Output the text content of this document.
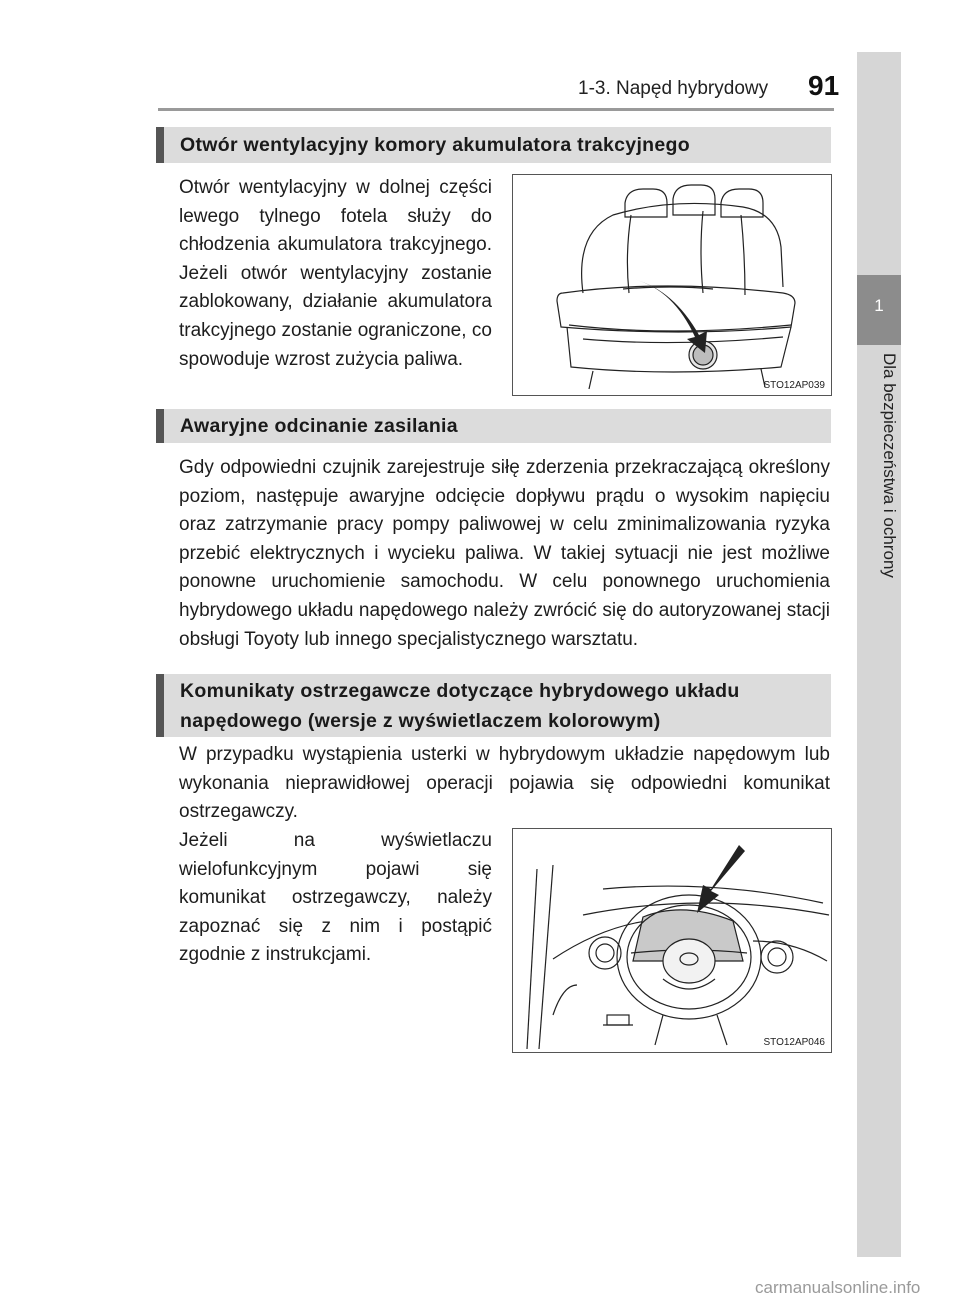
1-3. Napęd hybrydowy 91
1
Dla bezpieczeństwa i ochrony
Otwór wentylacyjny komory akumulatora trakcyjnego

Otwór wentylacyjny w dolnej części lewego tylnego fotela służy do chłodzenia akumulatora trakcyjnego. Jeżeli otwór wentylacyjny zostanie zablokowany, działanie akumulatora trakcyjnego zostanie ograniczone, co spowoduje wzrost zużycia paliwa.

STO12AP039
Awaryjne odcinanie zasilania

Gdy odpowiedni czujnik zarejestruje siłę zderzenia przekraczającą określony poziom, następuje awaryjne odcięcie dopływu prądu o wysokim napięciu oraz zatrzymanie pracy pompy paliwowej w celu zminimalizowania ryzyka przebić elektrycznych i wycieku paliwa. W takiej sytuacji nie jest możliwe ponowne uruchomienie samochodu. W celu ponownego uruchomienia hybrydowego układu napędowego należy zwrócić się do autoryzowanej stacji obsługi Toyoty lub innego specjalistycznego warsztatu.

Komunikaty ostrzegawcze dotyczące hybrydowego układu
napędowego (wersje z wyświetlaczem kolorowym)

W przypadku wystąpienia usterki w hybrydowym układzie napędowym lub wykonania nieprawidłowej operacji pojawia się odpowiedni komunikat ostrzegawczy.

Jeżeli na wyświetlaczu wielofunkcyjnym pojawi się komunikat ostrzegawczy, należy zapoznać się z nim i postąpić zgodnie z instrukcjami.

STO12AP046
carmanualsonline.info
